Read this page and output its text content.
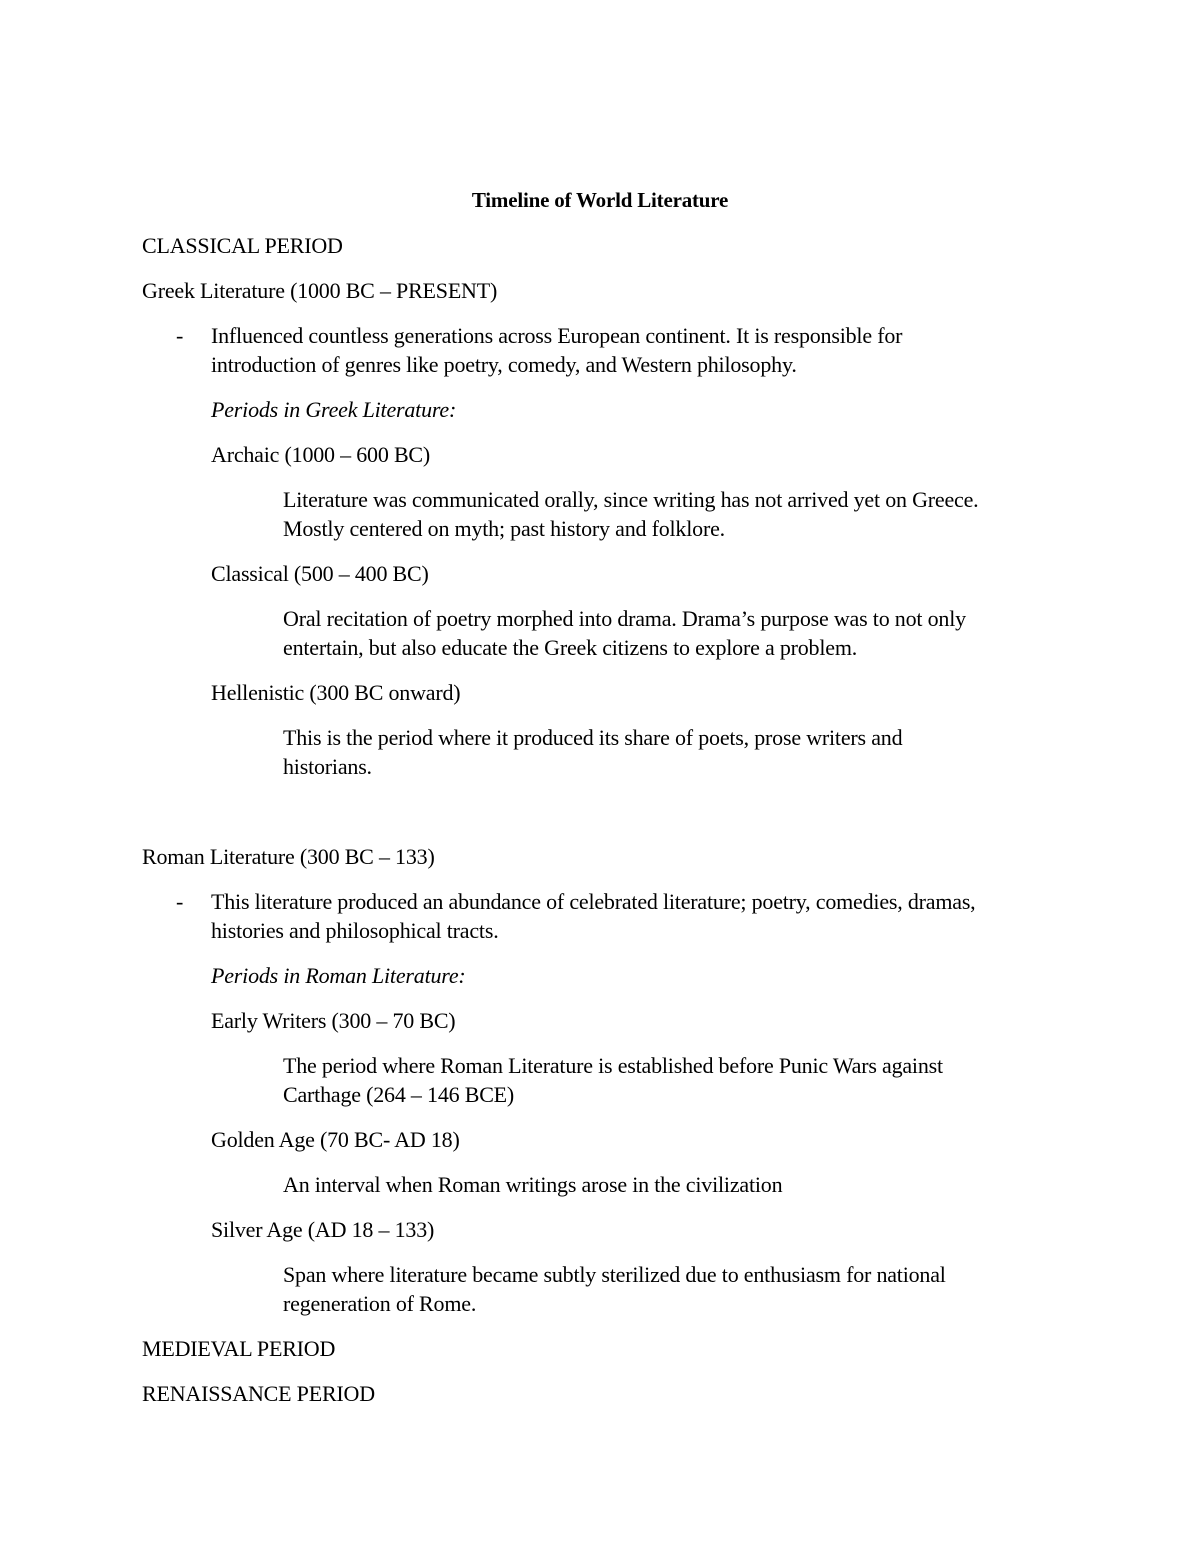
Timeline of World Literature
CLASSICAL PERIOD
Greek Literature (1000 BC – PRESENT)
- Influenced countless generations across European continent. It is responsible for
introduction of genres like poetry, comedy, and Western philosophy.
Periods in Greek Literature:
Archaic (1000 – 600 BC)
Literature was communicated orally, since writing has not arrived yet on Greece.
Mostly centered on myth; past history and folklore.
Classical (500 – 400 BC)
Oral recitation of poetry morphed into drama. Drama’s purpose was to not only
entertain, but also educate the Greek citizens to explore a problem.
Hellenistic (300 BC onward)
This is the period where it produced its share of poets, prose writers and
historians.
Roman Literature (300 BC – 133)
- This literature produced an abundance of celebrated literature; poetry, comedies, dramas,
histories and philosophical tracts.
Periods in Roman Literature:
Early Writers (300 – 70 BC)
The period where Roman Literature is established before Punic Wars against
Carthage (264 – 146 BCE)
Golden Age (70 BC- AD 18)
An interval when Roman writings arose in the civilization
Silver Age (AD 18 – 133)
Span where literature became subtly sterilized due to enthusiasm for national
regeneration of Rome.
MEDIEVAL PERIOD
RENAISSANCE PERIOD
